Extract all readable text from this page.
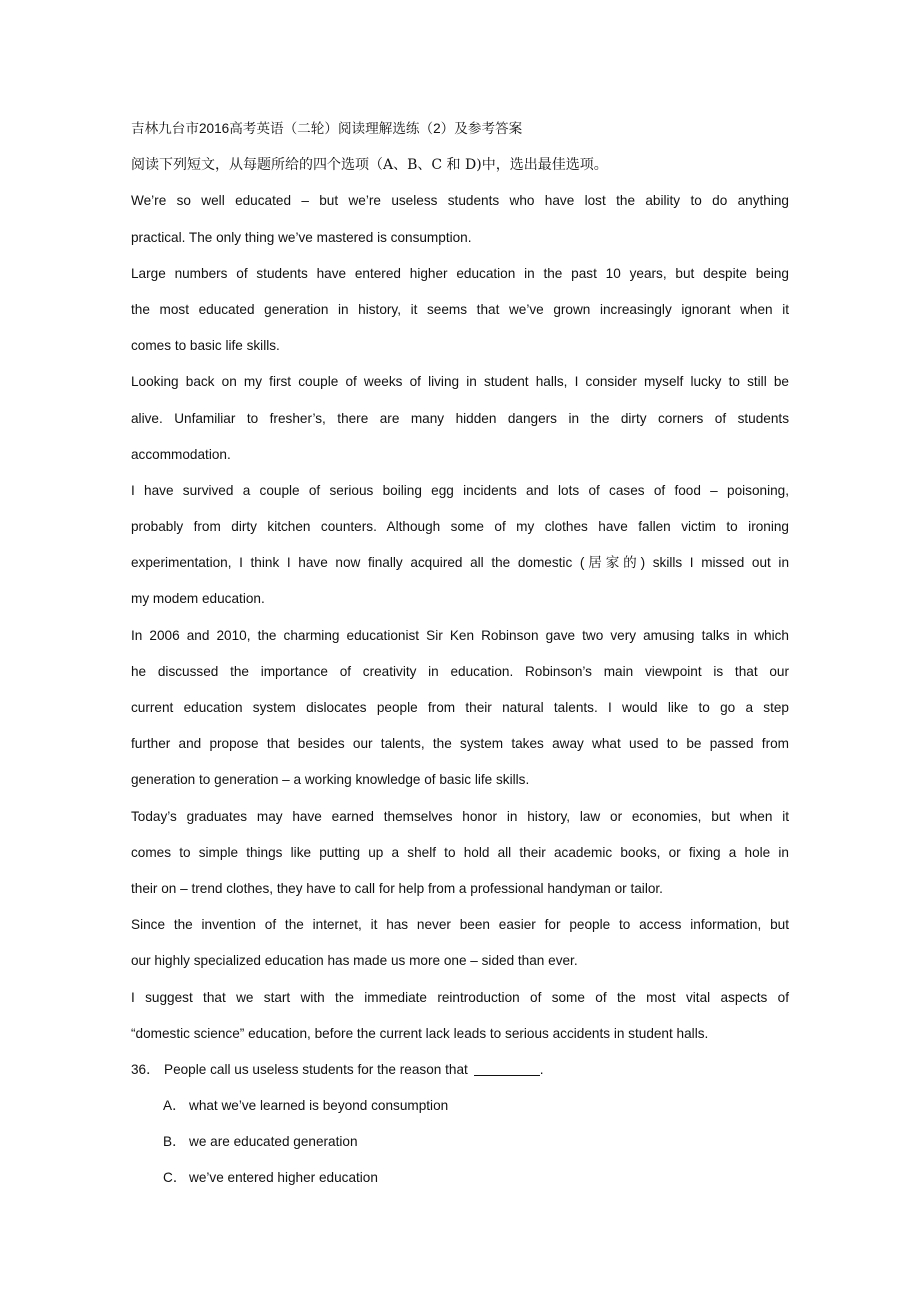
吉林九台市2016高考英语（二轮）阅读理解选练（2）及参考答案
阅读下列短文，从每题所给的四个选项（A、B、C 和 D)中，选出最佳选项。
We’re so well educated – but we’re useless students who have lost the ability to do anything
practical. The only thing we’ve mastered is consumption.
Large numbers of students have entered higher education in the past 10 years, but despite being
the most educated generation in history, it seems that we’ve grown increasingly ignorant when it
comes to basic life skills.
Looking back on my first couple of weeks of living in student halls, I consider myself lucky to still be
alive. Unfamiliar to fresher’s, there are many hidden dangers in the dirty corners of students
accommodation.
I have survived a couple of serious boiling egg incidents and lots of cases of food – poisoning,
probably from dirty kitchen counters. Although some of my clothes have fallen victim to ironing
experimentation, I think I have now finally acquired all the domestic (居家的) skills I missed out in
my modem education.
In 2006 and 2010, the charming educationist Sir Ken Robinson gave two very amusing talks in which
he discussed the importance of creativity in education. Robinson’s main viewpoint is that our
current education system dislocates people from their natural talents. I would like to go a step
further and propose that besides our talents, the system takes away what used to be passed from
generation to generation – a working knowledge of basic life skills.
Today’s graduates may have earned themselves honor in history, law or economies, but when it
comes to simple things like putting up a shelf to hold all their academic books, or fixing a hole in
their on – trend clothes, they have to call for help from a professional handyman or tailor.
Since the invention of the internet, it has never been easier for people to access information, but
our highly specialized education has made us more one – sided than ever.
I suggest that we start with the immediate reintroduction of some of the most vital aspects of
“domestic science” education, before the current lack leads to serious accidents in student halls.
36． People call us useless students for the reason that	.
A． what we’ve learned is beyond consumption
B． we are educated generation
C． we’ve entered higher education
